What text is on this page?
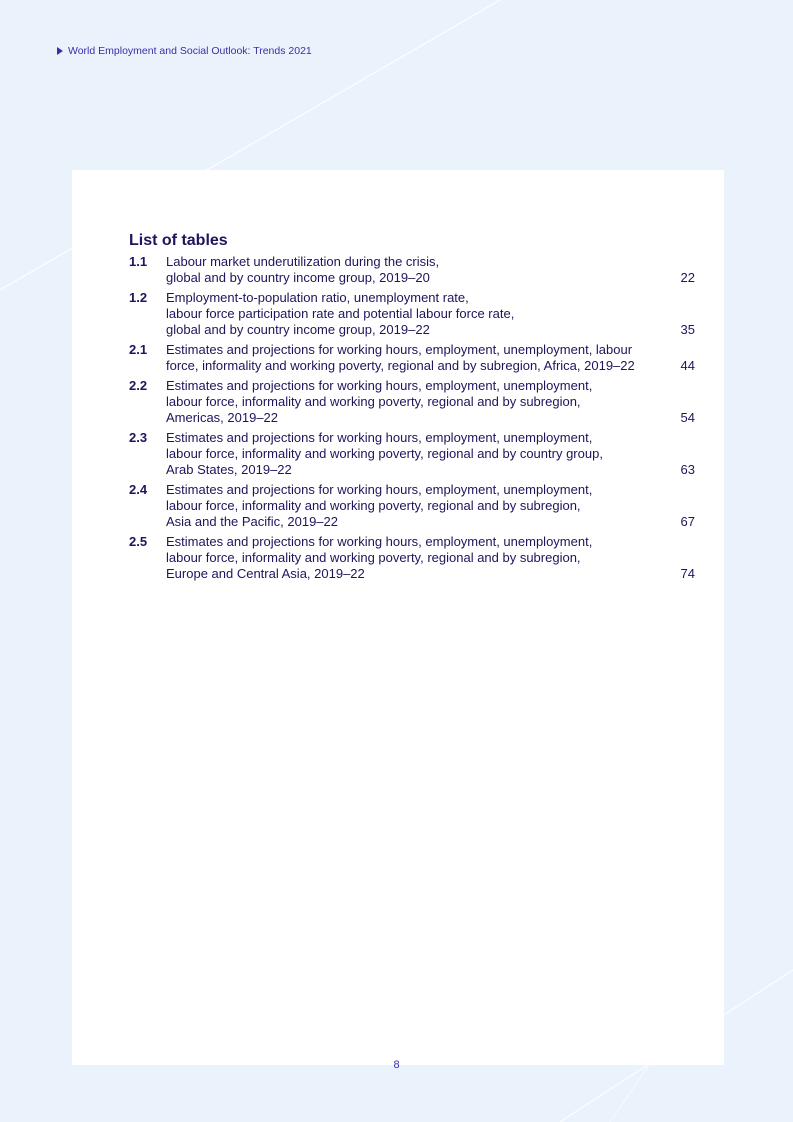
World Employment and Social Outlook: Trends 2021
List of tables
1.1 Labour market underutilization during the crisis,
global and by country income group, 2019–20	22
1.2 Employment-to-population ratio, unemployment rate,
labour force participation rate and potential labour force rate,
global and by country income group, 2019–22	35
2.1 Estimates and projections for working hours, employment, unemployment, labour
force, informality and working poverty, regional and by subregion, Africa, 2019–22	44
2.2 Estimates and projections for working hours, employment, unemployment,
labour force, informality and working poverty, regional and by subregion,
Americas, 2019–22	54
2.3 Estimates and projections for working hours, employment, unemployment,
labour force, informality and working poverty, regional and by country group,
Arab States, 2019–22	63
2.4 Estimates and projections for working hours, employment, unemployment,
labour force, informality and working poverty, regional and by subregion,
Asia and the Pacific, 2019–22	67
2.5 Estimates and projections for working hours, employment, unemployment,
labour force, informality and working poverty, regional and by subregion,
Europe and Central Asia, 2019–22	74
8
